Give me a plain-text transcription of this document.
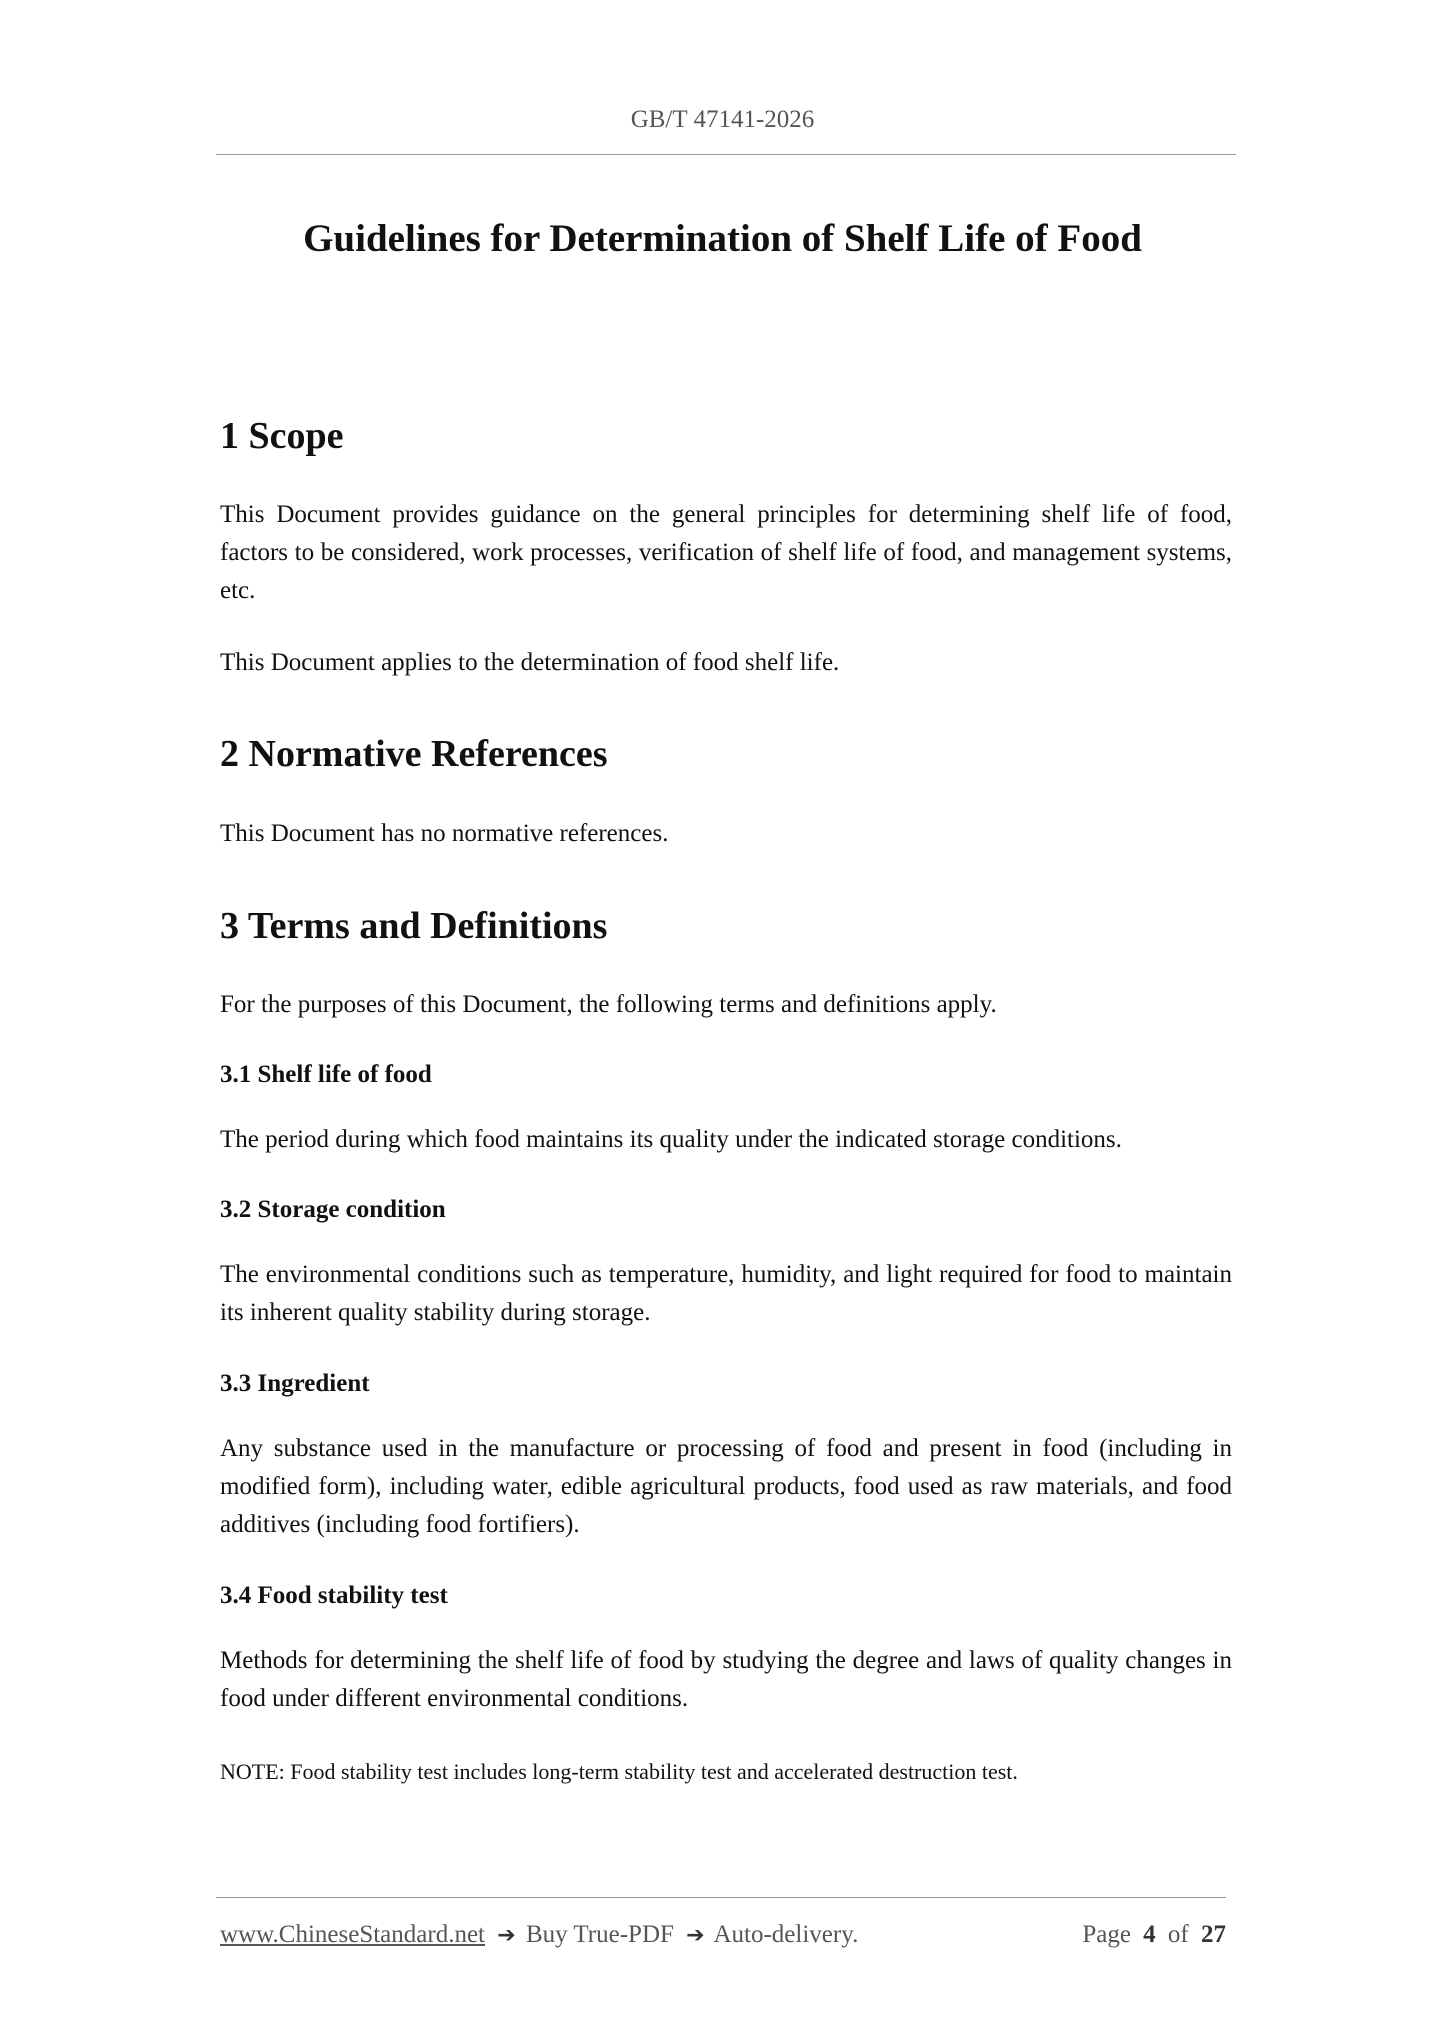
GB/T 47141-2026
Guidelines for Determination of Shelf Life of Food
1 Scope

This Document provides guidance on the general principles for determining shelf life of food, factors to be considered, work processes, verification of shelf life of food, and management systems, etc.

This Document applies to the determination of food shelf life.

2 Normative References

This Document has no normative references.

3 Terms and Definitions

For the purposes of this Document, the following terms and definitions apply.

3.1 Shelf life of food

The period during which food maintains its quality under the indicated storage conditions.

3.2 Storage condition

The environmental conditions such as temperature, humidity, and light required for food to maintain its inherent quality stability during storage.

3.3 Ingredient

Any substance used in the manufacture or processing of food and present in food (including in modified form), including water, edible agricultural products, food used as raw materials, and food additives (including food fortifiers).

3.4 Food stability test

Methods for determining the shelf life of food by studying the degree and laws of quality changes in food under different environmental conditions.

NOTE: Food stability test includes long-term stability test and accelerated destruction test.

www.ChineseStandard.net ➔ Buy True-PDF ➔ Auto-delivery.	Page 4 of 27
